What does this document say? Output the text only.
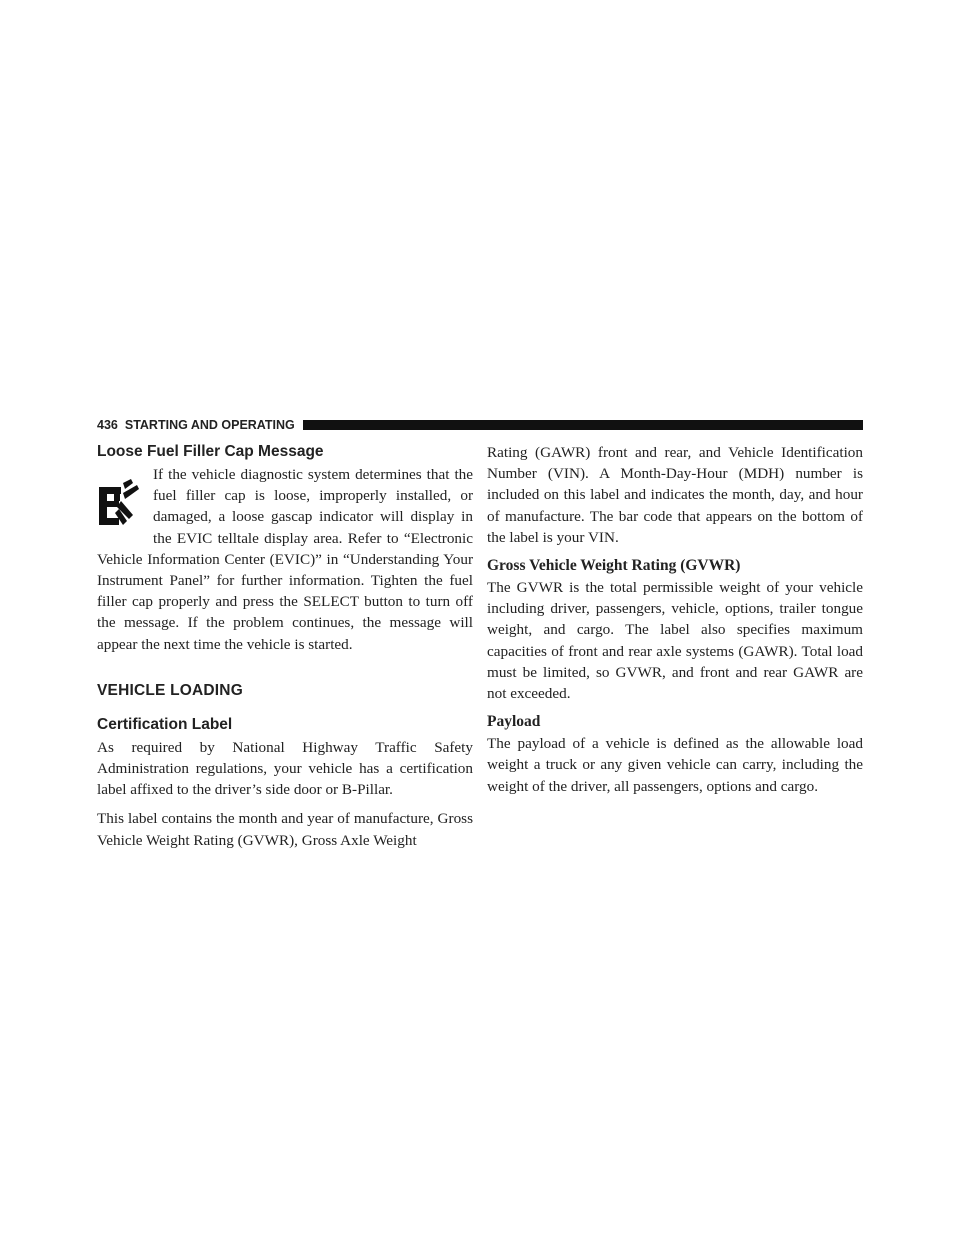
436 STARTING AND OPERATING
Loose Fuel Filler Cap Message

If the vehicle diagnostic system determines that the fuel filler cap is loose, improperly installed, or damaged, a loose gascap indicator will display in the EVIC telltale display area. Refer to “Electronic Vehicle Information Center (EVIC)” in “Understanding Your Instrument Panel” for further information. Tighten the fuel filler cap properly and press the SELECT button to turn off the message. If the problem continues, the message will appear the next time the vehicle is started.

VEHICLE LOADING
Certification Label

As required by National Highway Traffic Safety Administration regulations, your vehicle has a certification label affixed to the driver’s side door or B-Pillar.

This label contains the month and year of manufacture, Gross Vehicle Weight Rating (GVWR), Gross Axle Weight

Rating (GAWR) front and rear, and Vehicle Identification Number (VIN). A Month-Day-Hour (MDH) number is included on this label and indicates the month, day, and hour of manufacture. The bar code that appears on the bottom of the label is your VIN.

Gross Vehicle Weight Rating (GVWR)

The GVWR is the total permissible weight of your vehicle including driver, passengers, vehicle, options, trailer tongue weight, and cargo. The label also specifies maximum capacities of front and rear axle systems (GAWR). Total load must be limited, so GVWR, and front and rear GAWR are not exceeded.

Payload

The payload of a vehicle is defined as the allowable load weight a truck or any given vehicle can carry, including the weight of the driver, all passengers, options and cargo.
